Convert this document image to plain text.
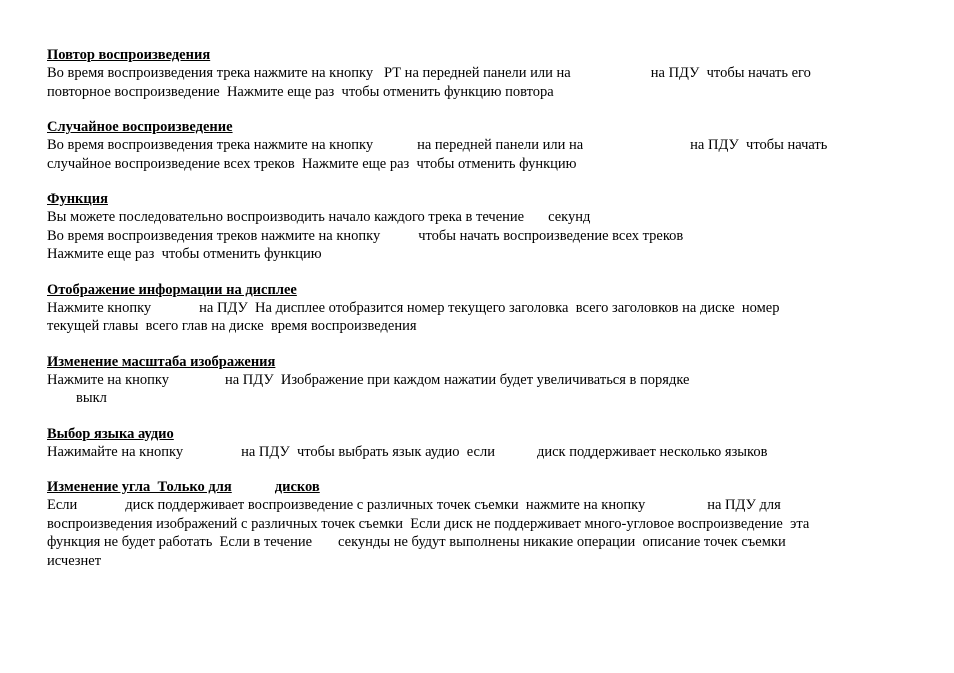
Повтор воспроизведения
Во время воспроизведения трека нажмите на кнопку   РТ на передней панели или на	на ПДУ  чтобы начать его
повторное воспроизведение  Нажмите еще раз  чтобы отменить функцию повтора
Случайное воспроизведение
Во время воспроизведения трека нажмите на кнопку	на передней панели или на	на ПДУ  чтобы начать
случайное воспроизведение всех треков  Нажмите еще раз  чтобы отменить функцию
Функция
Вы можете последовательно воспроизводить начало каждого трека в течение секунд
Во время воспроизведения треков нажмите на кнопку	чтобы начать воспроизведение всех треков
Нажмите еще раз  чтобы отменить функцию
Отображение информации на дисплее
Нажмите кнопку	на ПДУ  На дисплее отобразится номер текущего заголовка  всего заголовков на диске  номер
текущей главы  всего глав на диске  время воспроизведения
Изменение масштаба изображения
Нажмите на кнопку	на ПДУ  Изображение при каждом нажатии будет увеличиваться в порядке
выкл
Выбор языка аудио
Нажимайте на кнопку	на ПДУ  чтобы выбрать язык аудио  если	диск поддерживает несколько языков
Изменение угла  Только для	дисков
Если	диск поддерживает воспроизведение с различных точек съемки  нажмите на кнопку	на ПДУ для
воспроизведения изображений с различных точек съемки  Если диск не поддерживает много-угловое воспроизведение  эта
функция не будет работать  Если в течение секунды не будут выполнены никакие операции  описание точек съемки
исчезнет
